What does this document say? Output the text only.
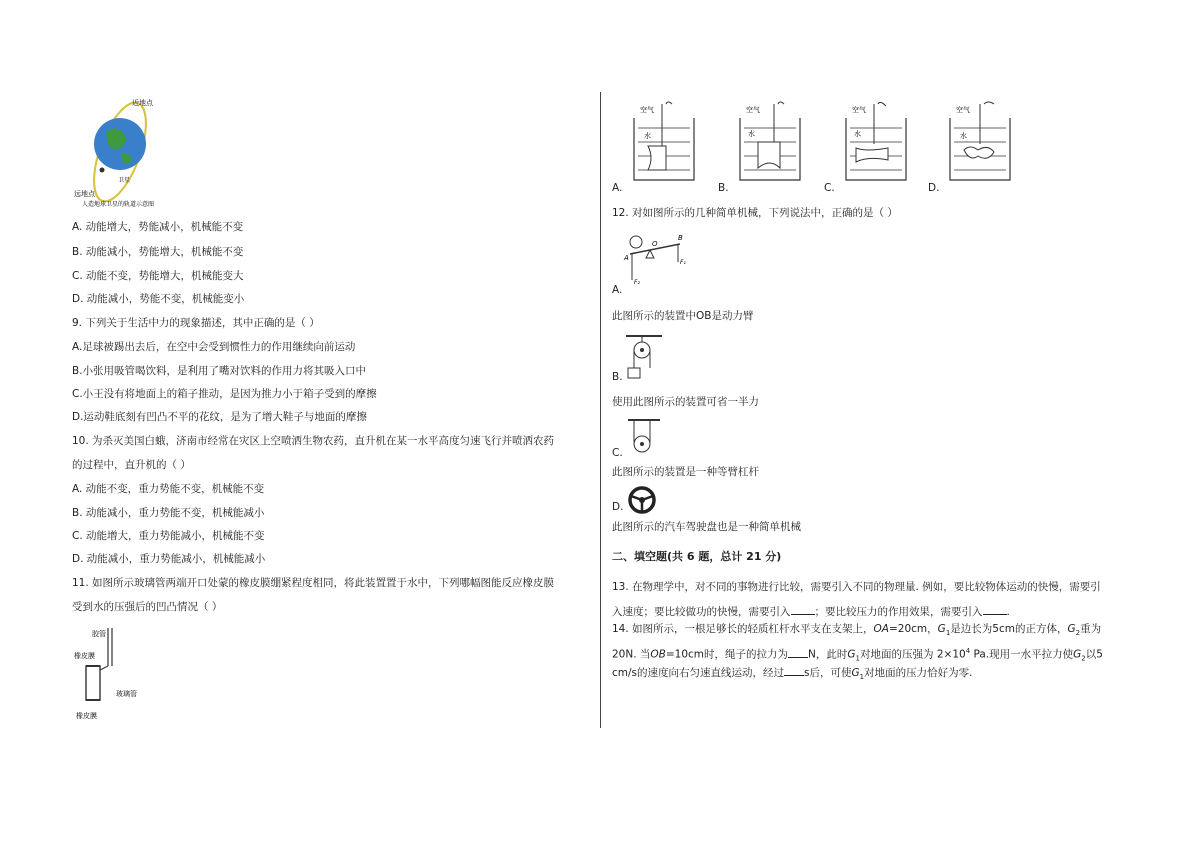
近地点
远地点
卫星
人造地球卫星的轨道示意图
A. 动能增大，势能减小，机械能不变
B. 动能减小，势能增大，机械能不变
C. 动能不变，势能增大，机械能变大
D. 动能减小，势能不变，机械能变小
9. 下列关于生活中力的现象描述，其中正确的是（ ）
A.足球被踢出去后，在空中会受到惯性力的作用继续向前运动
B.小张用吸管喝饮料，是利用了嘴对饮料的作用力将其吸入口中
C.小王没有将地面上的箱子推动，是因为推力小于箱子受到的摩擦
D.运动鞋底刻有凹凸不平的花纹，是为了增大鞋子与地面的摩擦
10. 为杀灭美国白蛾，济南市经常在灾区上空喷洒生物农药，直升机在某一水平高度匀速飞行并喷洒农药
的过程中，直升机的（ ）
A. 动能不变，重力势能不变，机械能不变
B. 动能减小，重力势能不变，机械能减小
C. 动能增大，重力势能减小，机械能不变
D. 动能减小，重力势能减小，机械能减小
11. 如图所示玻璃管两端开口处蒙的橡皮膜绷紧程度相同，将此装置置于水中，下列哪幅图能反应橡皮膜
受到水的压强后的凹凸情况（ ）
胶管
橡皮膜
玻璃管
橡皮膜
空气
水
A.
空气
水
B.
空气
水
C.
空气
水
D.
12. 对如图所示的几种简单机械，下列说法中，正确的是（ ）
O
B
A
F₁
F₂
A.
此图所示的装置中OB是动力臂
B.
使用此图所示的装置可省一半力
C.
此图所示的装置是一种等臂杠杆
D.
此图所示的汽车驾驶盘也是一种简单机械
二、填空题(共 6 题，总计 21 分)
13. 在物理学中，对不同的事物进行比较，需要引入不同的物理量. 例如，要比较物体运动的快慢，需要引
入速度；要比较做功的快慢，需要引入 ；要比较压力的作用效果，需要引入 .
14. 如图所示，一根足够长的轻质杠杆水平支在支架上，OA=20cm，$G_1$是边长为5cm的正方体，$G_2$重为
20N. 当OB=10cm时，绳子的拉力为 N，此时$G_1$对地面的压强为 $2\times 10^4$ Pa.现用一水平拉力使$G_2$以5
cm/s的速度向右匀速直线运动，经过 s后，可使$G_1$对地面的压力恰好为零.
